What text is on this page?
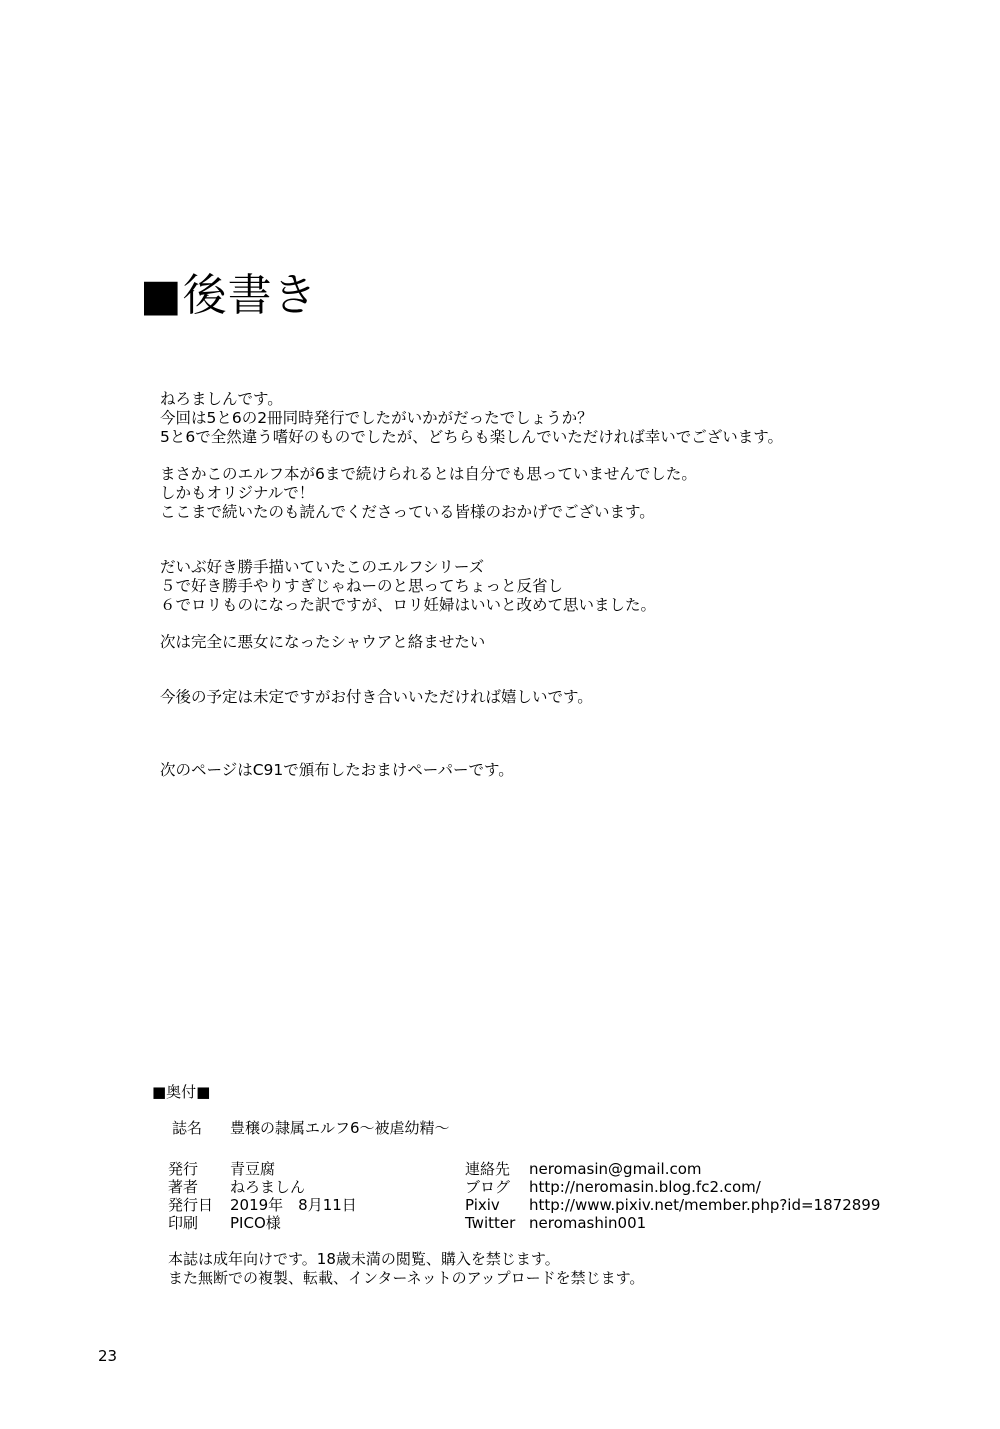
■後書き

ねろましんです。

今回は5と6の2冊同時発行でしたがいかがだったでしょうか？

5と6で全然違う嗜好のものでしたが、どちらも楽しんでいただければ幸いでございます。

まさかこのエルフ本が6まで続けられるとは自分でも思っていませんでした。

しかもオリジナルで！

ここまで続いたのも読んでくださっている皆様のおかげでございます。

だいぶ好き勝手描いていたこのエルフシリーズ

５で好き勝手やりすぎじゃねーのと思ってちょっと反省し

６でロリものになった訳ですが、ロリ妊婦はいいと改めて思いました。

次は完全に悪女になったシャウアと絡ませたい

今後の予定は未定ですがお付き合いいただければ嬉しいです。

次のページはC91で頒布したおまけペーパーです。

■奥付■
誌名 豊穣の隷属エルフ6～被虐幼精～
発行 青豆腐
著者 ねろましん
発行日 2019年　8月11日
印刷 PICO様
連絡先 neromasin@gmail.com
ブログ http://neromasin.blog.fc2.com/
Pixiv http://www.pixiv.net/member.php?id=1872899
Twitter neromashin001

本誌は成年向けです。18歳未満の閲覧、購入を禁じます。

また無断での複製、転載、インターネットのアップロードを禁じます。

23
